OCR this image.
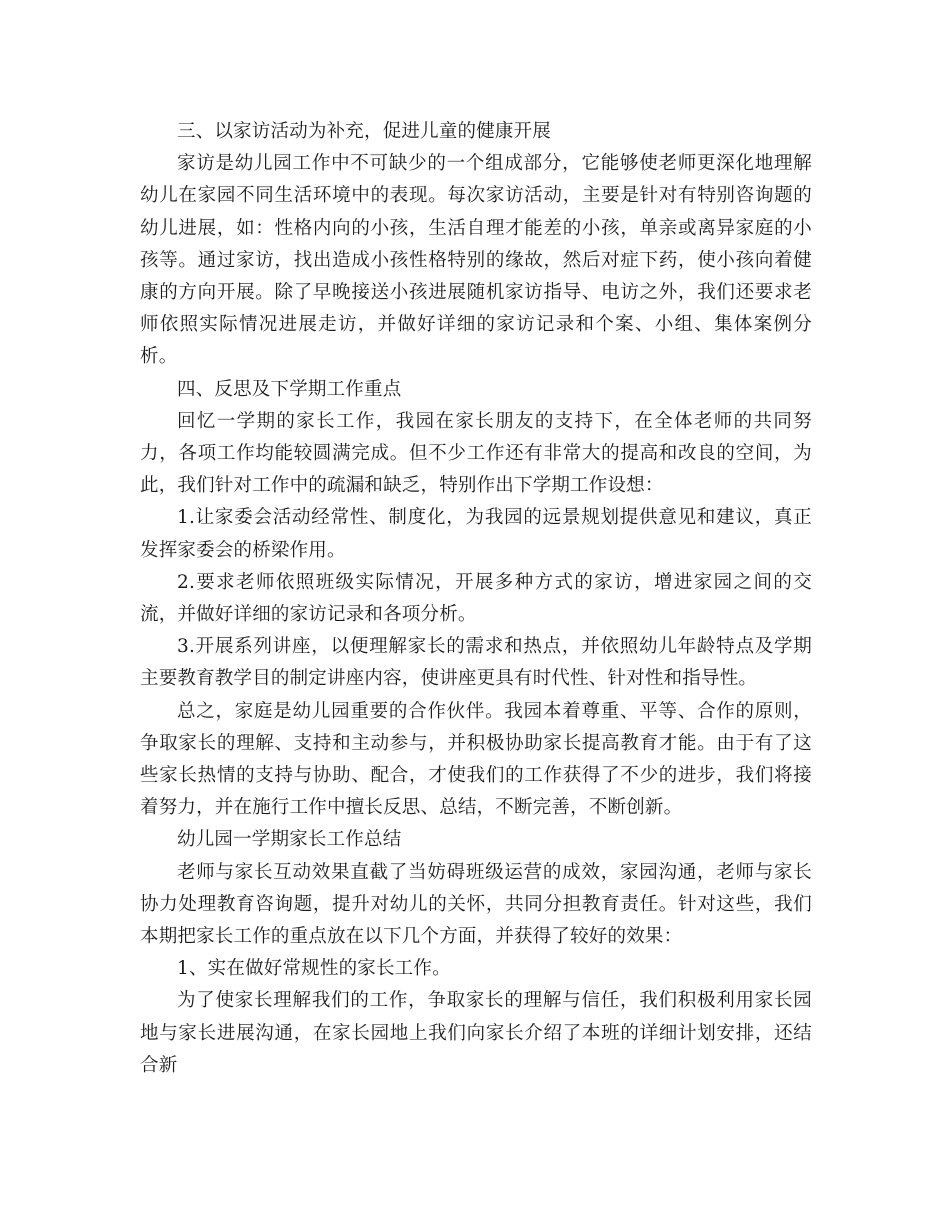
三、以家访活动为补充，促进儿童的健康开展

家访是幼儿园工作中不可缺少的一个组成部分，它能够使老师更深化地理解幼儿在家园不同生活环境中的表现。每次家访活动，主要是针对有特别咨询题的幼儿进展，如：性格内向的小孩，生活自理才能差的小孩，单亲或离异家庭的小孩等。通过家访，找出造成小孩性格特别的缘故，然后对症下药，使小孩向着健康的方向开展。除了早晚接送小孩进展随机家访指导、电访之外，我们还要求老师依照实际情况进展走访，并做好详细的家访记录和个案、小组、集体案例分析。

四、反思及下学期工作重点

回忆一学期的家长工作，我园在家长朋友的支持下，在全体老师的共同努力，各项工作均能较圆满完成。但不少工作还有非常大的提高和改良的空间，为此，我们针对工作中的疏漏和缺乏，特别作出下学期工作设想：

1.让家委会活动经常性、制度化，为我园的远景规划提供意见和建议，真正发挥家委会的桥梁作用。

2.要求老师依照班级实际情况，开展多种方式的家访，增进家园之间的交流，并做好详细的家访记录和各项分析。

3.开展系列讲座，以便理解家长的需求和热点，并依照幼儿年龄特点及学期主要教育教学目的制定讲座内容，使讲座更具有时代性、针对性和指导性。

总之，家庭是幼儿园重要的合作伙伴。我园本着尊重、平等、合作的原则，争取家长的理解、支持和主动参与，并积极协助家长提高教育才能。由于有了这些家长热情的支持与协助、配合，才使我们的工作获得了不少的进步，我们将接着努力，并在施行工作中擅长反思、总结，不断完善，不断创新。

幼儿园一学期家长工作总结

老师与家长互动效果直截了当妨碍班级运营的成效，家园沟通，老师与家长协力处理教育咨询题，提升对幼儿的关怀，共同分担教育责任。针对这些，我们本期把家长工作的重点放在以下几个方面，并获得了较好的效果：

1、实在做好常规性的家长工作。

为了使家长理解我们的工作，争取家长的理解与信任，我们积极利用家长园地与家长进展沟通，在家长园地上我们向家长介绍了本班的详细计划安排，还结合新
